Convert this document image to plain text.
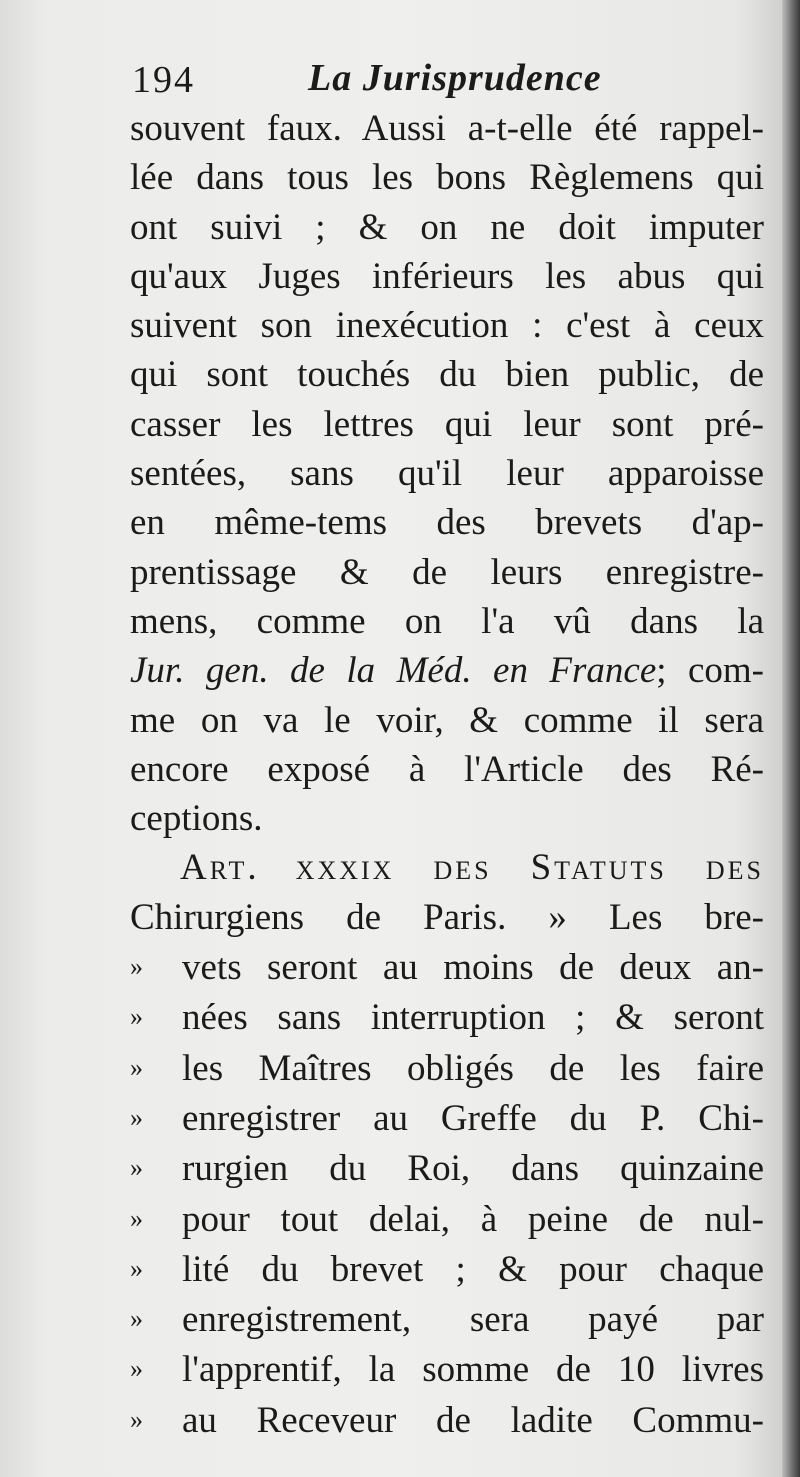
194	La Jurisprudence
souvent faux. Aussi a-t-elle été rappel-
lée dans tous les bons Règlemens qui
ont suivi ; & on ne doit imputer
qu'aux Juges inférieurs les abus qui
suivent son inexécution : c'est à ceux
qui sont touchés du bien public, de
casser les lettres qui leur sont pré-
sentées, sans qu'il leur apparoisse
en même-tems des brevets d'ap-
prentissage & de leurs enregistre-
mens, comme on l'a vû dans la
Jur. gen. de la Méd. en France; com-
me on va le voir, & comme il sera
encore exposé à l'Article des Ré-
ceptions.
Art. xxxix des Statuts des
Chirurgiens de Paris. » Les bre-
» vets seront au moins de deux an-
» nées sans interruption ; & seront
» les Maîtres obligés de les faire
» enregistrer au Greffe du P. Chi-
» rurgien du Roi, dans quinzaine
» pour tout delai, à peine de nul-
» lité du brevet ; & pour chaque
» enregistrement, sera payé par
» l'apprentif, la somme de 10 livres
» au Receveur de ladite Commu-
